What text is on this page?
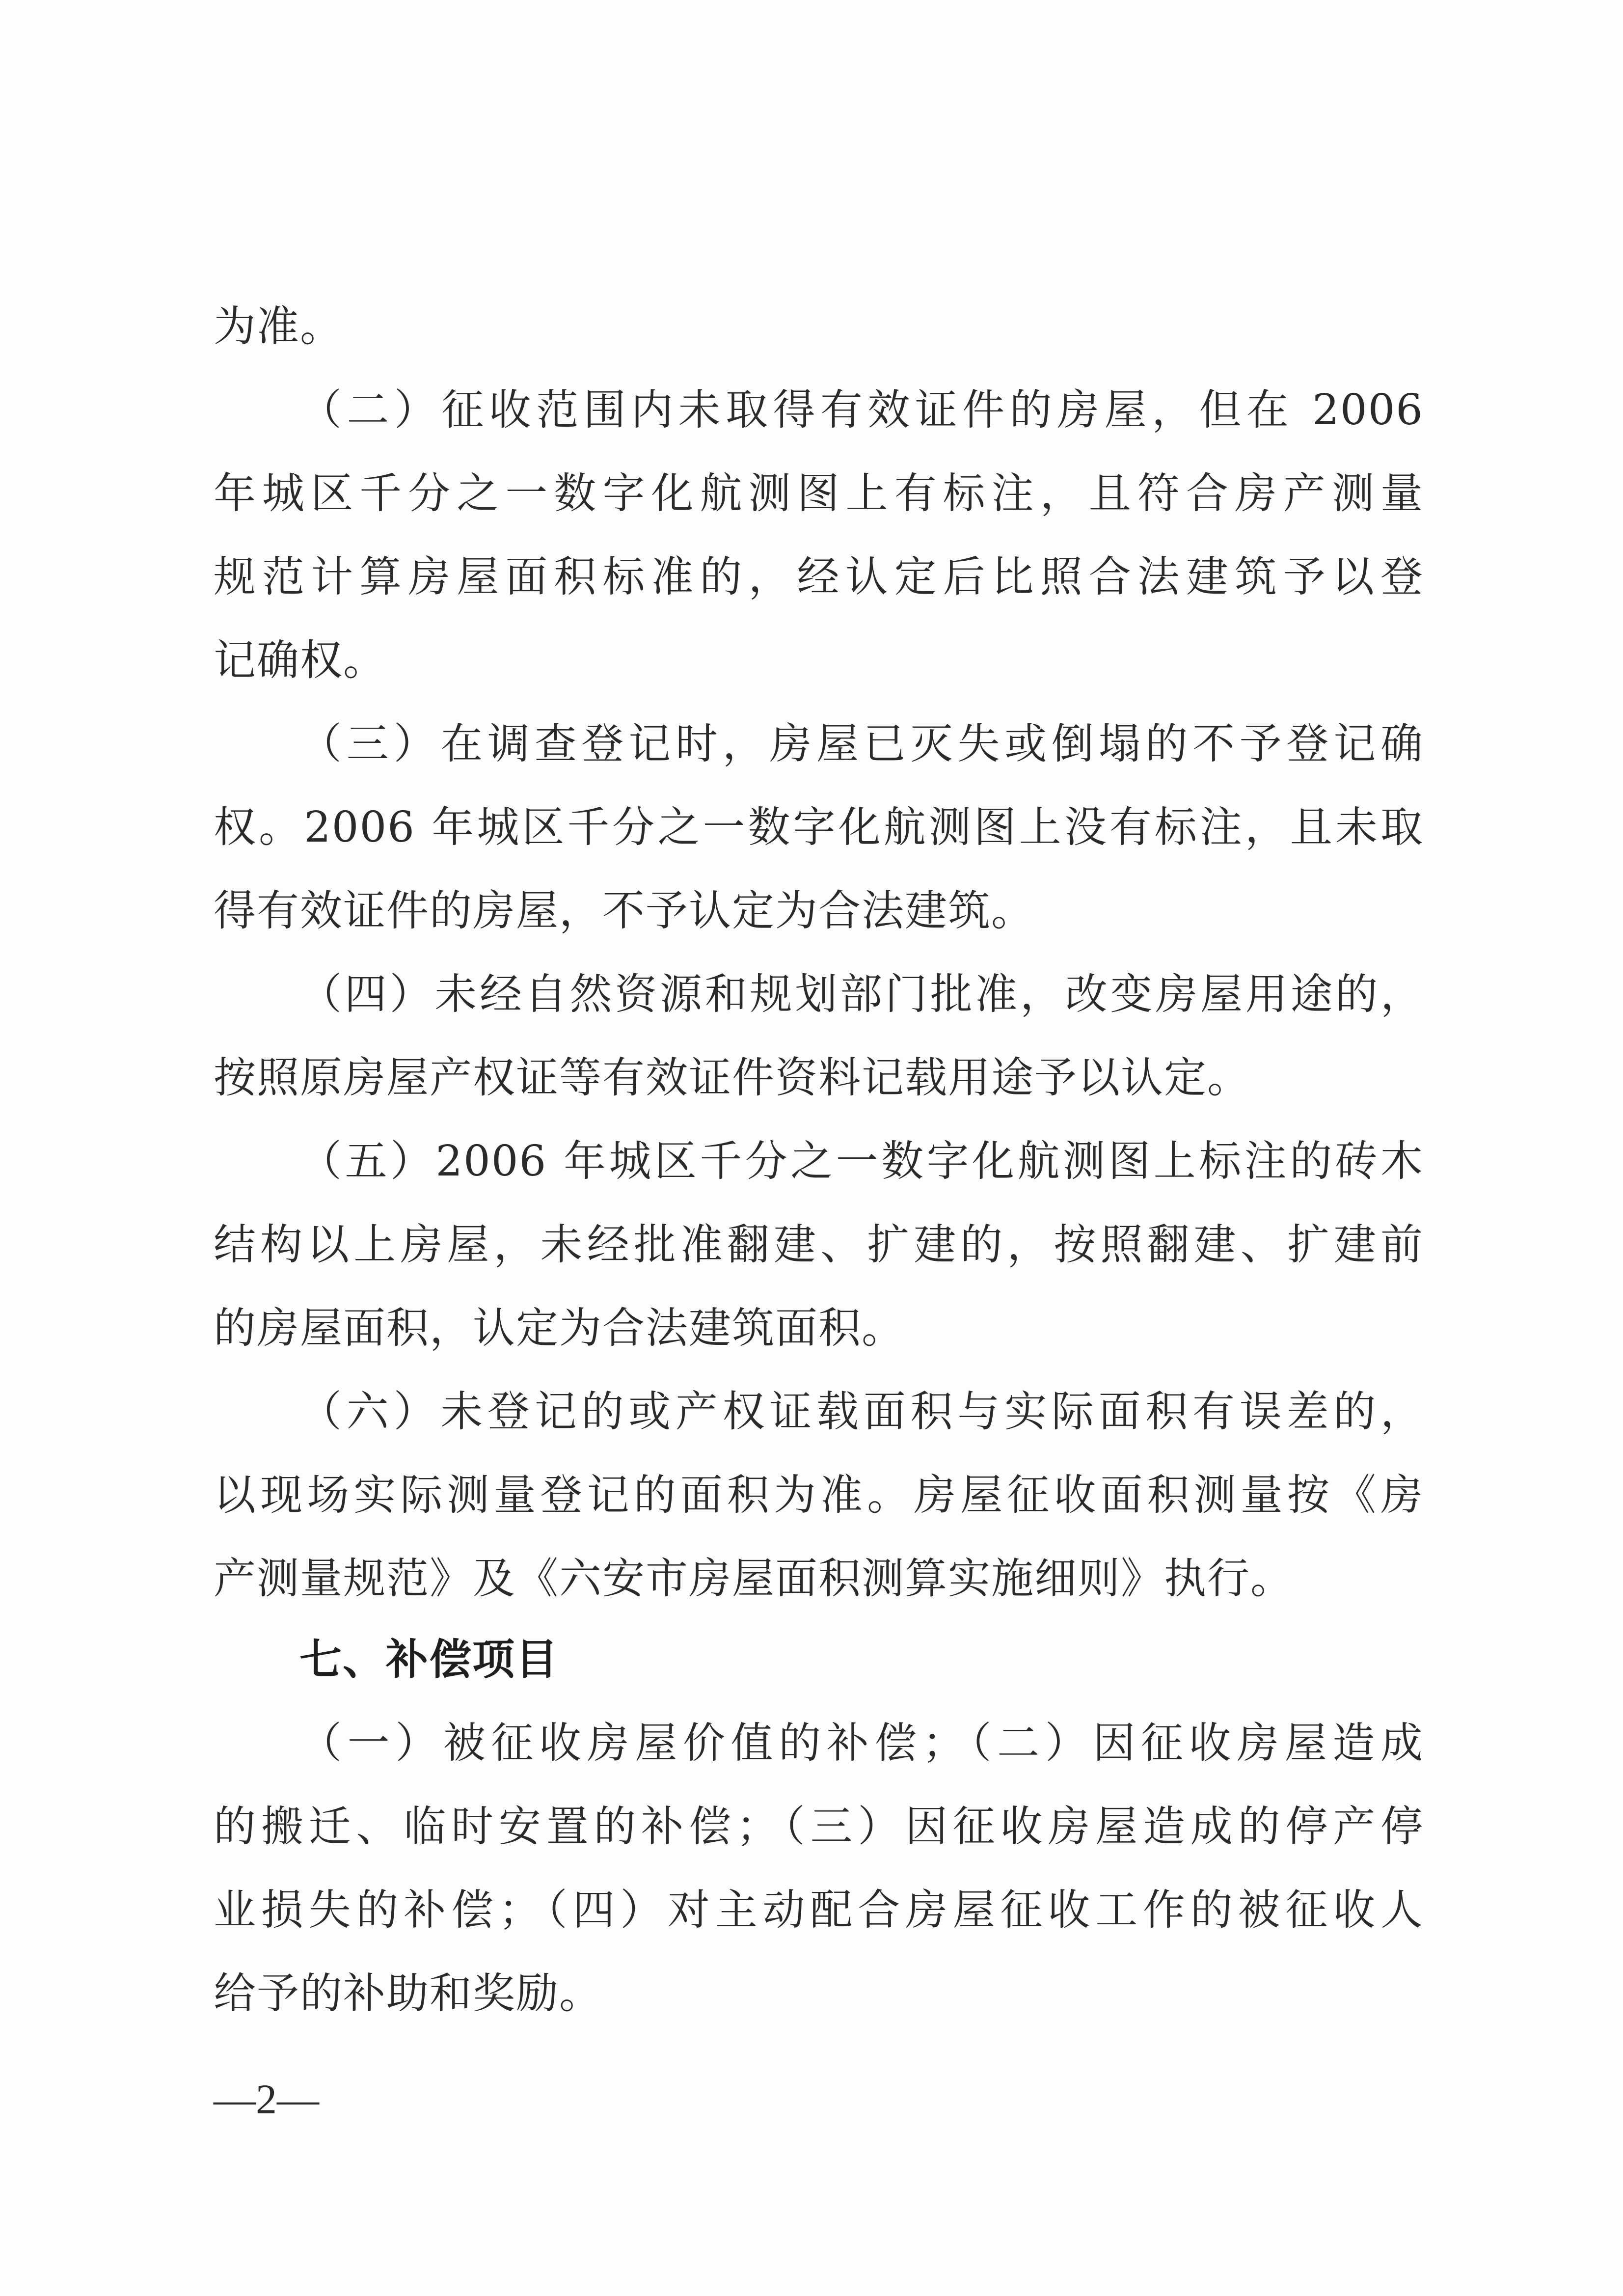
为准。
（二）征收范围内未取得有效证件的房屋，但在 2006
年城区千分之一数字化航测图上有标注，且符合房产测量
规范计算房屋面积标准的，经认定后比照合法建筑予以登
记确权。
（三）在调查登记时，房屋已灭失或倒塌的不予登记确
权。2006 年城区千分之一数字化航测图上没有标注，且未取
得有效证件的房屋，不予认定为合法建筑。
（四）未经自然资源和规划部门批准，改变房屋用途的，
按照原房屋产权证等有效证件资料记载用途予以认定。
（五）2006 年城区千分之一数字化航测图上标注的砖木
结构以上房屋，未经批准翻建、扩建的，按照翻建、扩建前
的房屋面积，认定为合法建筑面积。
（六）未登记的或产权证载面积与实际面积有误差的，
以现场实际测量登记的面积为准。房屋征收面积测量按《房
产测量规范》及《六安市房屋面积测算实施细则》执行。
七、补偿项目
（一）被征收房屋价值的补偿；（二）因征收房屋造成
的搬迁、临时安置的补偿；（三）因征收房屋造成的停产停
业损失的补偿；（四）对主动配合房屋征收工作的被征收人
给予的补助和奖励。
—2—
